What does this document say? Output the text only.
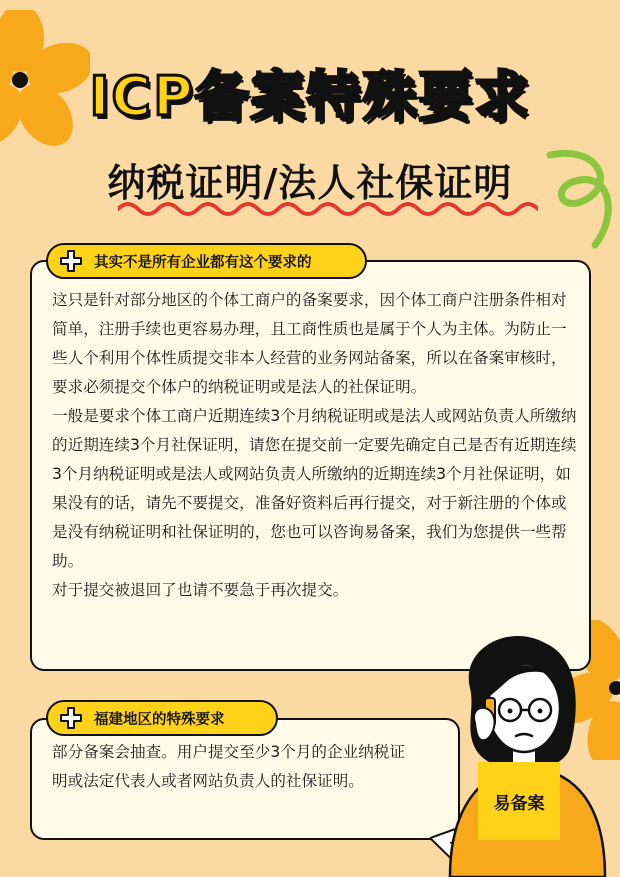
ICP备案特殊要求
纳税证明/法人社保证明
其实不是所有企业都有这个要求的

这只是针对部分地区的个体工商户的备案要求，因个体工商户注册条件相对简单，注册手续也更容易办理，且工商性质也是属于个人为主体。为防止一些人个利用个体性质提交非本人经营的业务网站备案，所以在备案审核时，要求必须提交个体户的纳税证明或是法人的社保证明。

一般是要求个体工商户近期连续3个月纳税证明或是法人或网站负责人所缴纳的近期连续3个月社保证明，请您在提交前一定要先确定自己是否有近期连续3个月纳税证明或是法人或网站负责人所缴纳的近期连续3个月社保证明，如果没有的话，请先不要提交，准备好资料后再行提交，对于新注册的个体或是没有纳税证明和社保证明的，您也可以咨询易备案，我们为您提供一些帮助。

对于提交被退回了也请不要急于再次提交。

福建地区的特殊要求

部分备案会抽查。用户提交至少3个月的企业纳税证明或法定代表人或者网站负责人的社保证明。

易备案
